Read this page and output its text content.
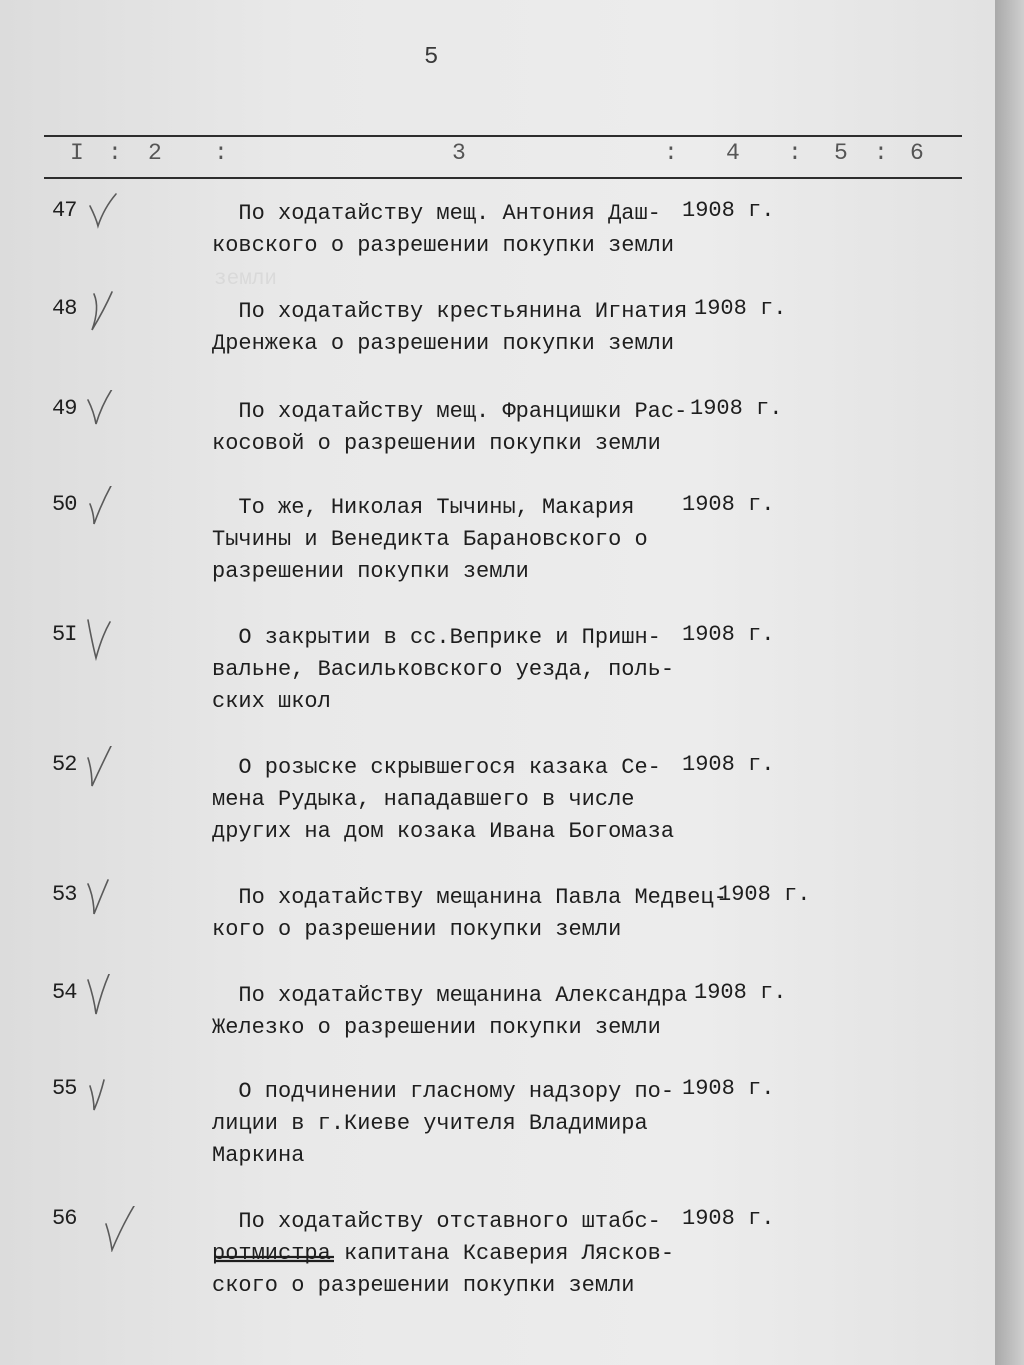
5
I : 2 :	3	: 4 : 5 : 6
земли
47	По ходатайству мещ. Антония Даш-
ковского о разрешении покупки земли
1908 г.
48	По ходатайству крестьянина Игнатия
Дренжека о разрешении покупки земли
1908 г.
49	По ходатайству мещ. Францишки Рас-
косовой о разрешении покупки земли
1908 г.
50	То же, Николая Тычины, Макария
Тычины и Венедикта Барановского о
разрешении покупки земли
1908 г.
5I	О закрытии в сс.Веприке и Пришн-
вальне, Васильковского уезда, поль-
ских школ
1908 г.
52	О розыске скрывшегося казака Се-
мена Рудыка, нападавшего в числе
других на дом козака Ивана Богомаза
1908 г.
53	По ходатайству мещанина Павла Медвец-
кого о разрешении покупки земли
1908 г.
54	По ходатайству мещанина Александра
Железко о разрешении покупки земли
1908 г.
55	О подчинении гласному надзору по-
лиции в г.Киеве учителя Владимира
Маркина
1908 г.
56	По ходатайству отставного штабс-
ротмистра капитана Ксаверия Лясков-
ского о разрешении покупки земли
1908 г.
